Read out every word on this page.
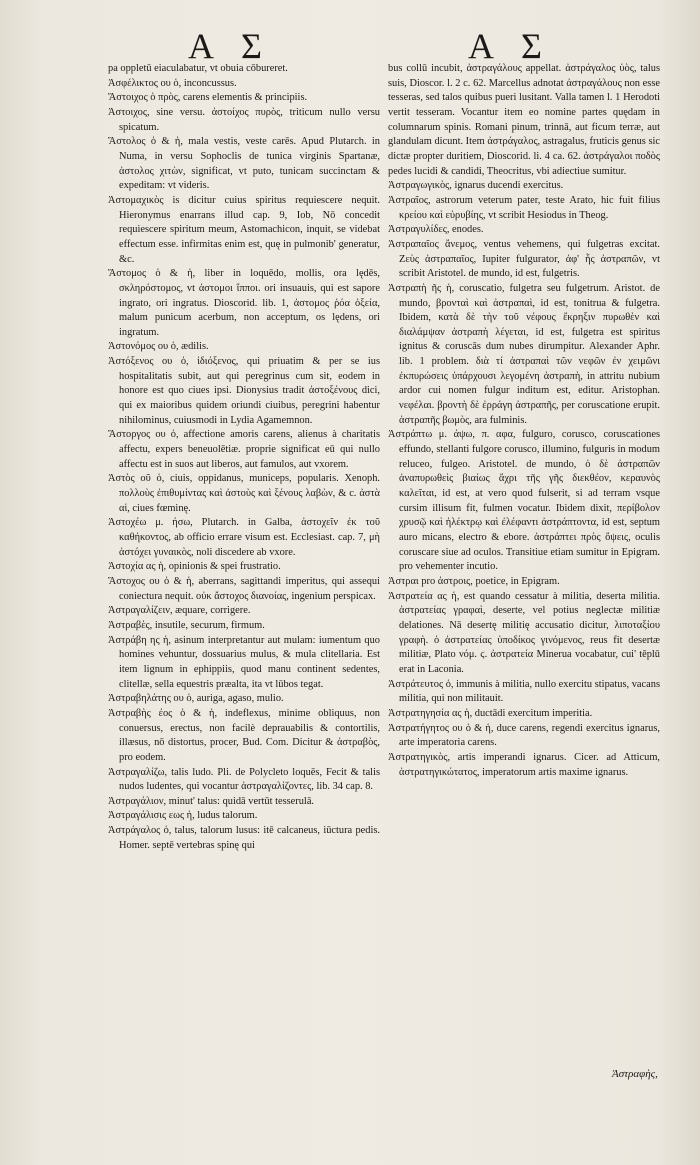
Α Σ	Α Σ

pa oppletū eiaculabatur, vt obuia cōbureret.

Ἀσφέλικτος ου ὁ, inconcussus.

Ἄστοιχος ὁ πρὸς, carens elementis & principiis.

Ἀστοιχος, sine versu. ἀστοίχος πυρὸς, triticum nullo versu spicatum.

Ἄστολος ὁ & ἡ, mala vestis, veste carēs. Apud Plutarch. in Numa, in versu Sophoclis de tunica virginis Spartanæ, ἀστολος χιτὼν, significat, vt puto, tunicam succinctam & expeditam: vt videris.

Ἀστομαχικὸς is dicitur cuius spiritus requiescere nequit. Hieronymus enarrans illud cap. 9, Iob, Nō concedit requiescere spiritum meum, Astomachicon, inquit, se videbat effectum esse. infirmitas enim est, quę in pulmonib' generatur, &c.

Ἄστομος ὁ & ἡ, liber in loquēdo, mollis, ora lędēs, σκληρόστομος, vt ἀστομοι ἵπποι. ori insuauis, qui est sapore ingrato, ori ingratus. Dioscorid. lib. 1, ἀστομος ῥόα ὀξεία, malum punicum acerbum, non acceptum, os lędens, ori ingratum.

Ἀστονόμος ου ὁ, ædilis.

Ἀστόξενος ου ὁ, ἰδιόξενος, qui priuatim & per se ius hospitalitatis subit, aut qui peregrinus cum sit, eodem in honore est quo ciues ipsi. Dionysius tradit ἀστοξένους dici, qui ex maioribus quidem oriundi ciuibus, peregrini habentur nihilominus, cuiusmodi in Lydia Agamemnon.

Ἄστοργος ου ὁ, affectione amoris carens, alienus à charitatis affectu, expers beneuolētiæ. proprie significat eū qui nullo affectu est in suos aut liberos, aut famulos, aut vxorem.

Ἀστὸς οῦ ὁ, ciuis, oppidanus, municeps, popularis. Xenoph. πολλοὺς ἐπιθυμίντας καὶ ἀστοὺς καὶ ξένους λαβὼν, & c. ἀστὰ αἱ, ciues fœminę.

Ἀστοχέω μ. ήσω, Plutarch. in Galba, ἀστοχεῖν ἐκ τοῦ καθήκοντος, ab officio errare visum est. Ecclesiast. cap. 7, μὴ ἀστόχει γυναικὸς, noli discedere ab vxore.

Ἀστοχία ας ἡ, opinionis & spei frustratio.

Ἄστοχος ου ὁ & ἡ, aberrans, sagittandi imperitus, qui assequi coniectura nequit. οὐκ ἄστοχος διανοίας, ingenium perspicax.

Ἀστραγαλίζειν, æquare, corrigere.

Ἀστραβὲς, insutile, securum, firmum.

Ἀστράβη ης ἡ, asinum interpretantur aut mulam: iumentum quo homines vehuntur, dossuarius mulus, & mula clitellaria. Est item lignum in ephippiis, quod manu continent sedentes, clitellæ, sella equestris præalta, ita vt lūbos tegat.

Ἀστραβηλάτης ου ὁ, auriga, agaso, mulio.

Ἀστραβὴς έος ὁ & ἡ, indeflexus, minime obliquus, non conuersus, erectus, non facilè deprauabilis & contortilis, illæsus, nō distortus, procer, Bud. Com. Dicitur & ἀστραβὸς, pro eodem.

Ἀστραγαλίζω, talis ludo. Pli. de Polycleto loquēs, Fecit & talis nudos ludentes, qui vocantur ἀστραγαλίζοντες, lib. 34 cap. 8.

Ἀστραγάλιον, minut' talus: quidā vertūt tesserulā.

Ἀστραγάλισις εως ἡ, ludus talorum.

Ἀστράγαλος ὁ, talus, talorum lusus: itē calcaneus, iūctura pedis. Homer. septē vertebras spinę qui

bus collū incubit, ἀστραγάλους appellat. ἀστράγαλος ὑὸς, talus suis, Dioscor. l. 2 c. 62. Marcellus adnotat ἀστραγάλους non esse tesseras, sed talos quibus pueri lusitant. Valla tamen l. 1 Herodoti vertit tesseram. Vocantur item eo nomine partes quędam in columnarum spinis. Romani pinum, trinnā, aut ficum terræ, aut glandulam dicunt. Item ἀστράγαλος, astragalus, fruticis genus sic dictæ propter duritiem, Dioscorid. li. 4 ca. 62. ἀστράγαλοι ποδὸς pedes lucidi & candidi, Theocritus, vbi adiectiue sumitur.

Ἀστραγωγικὸς, ignarus ducendi exercitus.

Ἀστραῖος, astrorum veterum pater, teste Arato, hic fuit filius κρείου καὶ εὐρυβίης, vt scribit Hesiodus in Theog.

Ἀστραγυλίδες, enodes.

Ἀστραπαῖος ἄνεμος, ventus vehemens, qui fulgetras excitat. Ζεὺς ἀστραπαῖος, Iupiter fulgurator, ἀφ' ἧς ἀστραπῶν, vt scribit Aristotel. de mundo, id est, fulgetris.

Ἀστραπὴ ῆς ἡ, coruscatio, fulgetra seu fulgetrum. Aristot. de mundo, βρονταὶ καὶ ἀστραπαὶ, id est, tonitrua & fulgetra. Ibidem, κατὰ δὲ τὴν τοῦ νέφους ἔκρηξιν πυρωθὲν καὶ διαλάμψαν ἀστραπὴ λέγεται, id est, fulgetra est spiritus ignitus & coruscās dum nubes dirumpitur. Alexander Aphr. lib. 1 problem. διὰ τί ἀστραπαὶ τῶν νεφῶν ἐν χειμῶνι ἐκπυρώσεις ὑπάρχουσι λεγομένη ἀστραπὴ, in attritu nubium ardor cui nomen fulgur inditum est, editur. Aristophan. νεφέλαι. βροντὴ δὲ ἐρράγη ἀστραπῆς, per coruscatione erupit. ἀστραπῆς βωμὸς, ara fulminis.

Ἀστράπτω μ. άψω, π. αφα, fulguro, corusco, coruscationes effundo, stellanti fulgore corusco, illumino, fulguris in modum reluceo, fulgeo. Aristotel. de mundo, ὁ δὲ ἀστραπῶν ἀναπυρωθεὶς βιαίως ἄχρι τῆς γῆς διεκθέον, κεραυνὸς καλεῖται, id est, at vero quod fulserit, si ad terram vsque cursim illisum fit, fulmen vocatur. Ibidem dixit, περίβολον χρυσῷ καὶ ἠλέκτρῳ καὶ ἐλέφαντι ἀστράπτοντα, id est, septum auro micans, electro & ebore. ἀστράπτει πρὸς ὄψεις, oculis coruscare siue ad oculos. Transitiue etiam sumitur in Epigram. pro vehementer incutio.

Ἀστραι pro ἀστροις, poetice, in Epigram.

Ἀστρατεία ας ἡ, est quando cessatur à militia, deserta militia. ἀστρατείας γραφαὶ, deserte, vel potius neglectæ militiæ delationes. Nā desertę militię accusatio dicitur, λιποταξίου γραφὴ. ὁ ἀστρατείας ὑποδίκος γινόμενος, reus fit desertæ militiæ, Plato νόμ. ϛ. ἀστρατεία Minerua vocabatur, cui' tēplū erat in Laconia.

Ἀστράτευτος ὁ, immunis à militia, nullo exercitu stipatus, vacans militia, qui non militauit.

Ἀστρατηγησία ας ἡ, ductādi exercitum imperitia.

Ἀστρατήγητος ου ὁ & ἡ, duce carens, regendi exercitus ignarus, arte imperatoria carens.

Ἀστρατηγικὸς, artis imperandi ignarus. Cicer. ad Atticum, ἀστρατηγικώτατος, imperatorum artis maxime ignarus.

Ἀστραφὴς,
